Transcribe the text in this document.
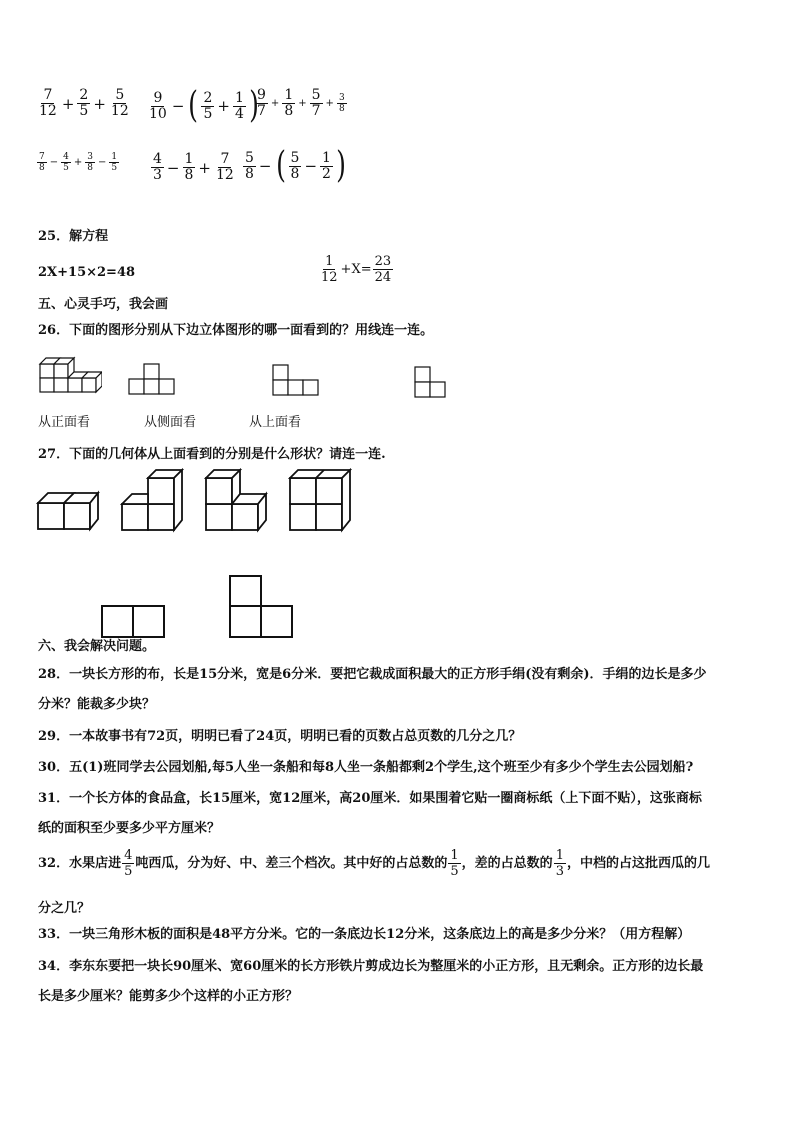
$\frac{7}{12} + \frac{2}{5} + \frac{5}{12} \frac{9}{10}$ − ( $\frac{2}{5} + \frac{1}{4}$ )
$\frac{9}{7} + \frac{1}{8} + \frac{5}{7} + \frac{3}{8}$
$\frac{7}{8} - \frac{4}{5} + \frac{3}{8} - \frac{1}{5} \frac{4}{3} - \frac{1}{8} + \frac{7}{12} \frac{5}{8}$ − ( $\frac{5}{8} - \frac{1}{2}$ )
25．解方程
2X+15×2=48	$\frac{1}{12} +X= \frac{23}{24}$
五、心灵手巧，我会画
26．下面的图形分别从下边立体图形的哪一面看到的？用线连一连。
从正面看	从侧面看	从上面看
27．下面的几何体从上面看到的分别是什么形状？请连一连.
六、我会解决问题。
28．一块长方形的布，长是15分米，宽是6分米．要把它裁成面积最大的正方形手绢(没有剩余)．手绢的边长是多少
分米？能裁多少块？
29．一本故事书有72页，明明已看了24页，明明已看的页数占总页数的几分之几？
30．五(1)班同学去公园划船,每5人坐一条船和每8人坐一条船都剩2个学生,这个班至少有多少个学生去公园划船?
31．一个长方体的食品盒，长15厘米，宽12厘米，高20厘米．如果围着它贴一圈商标纸（上下面不贴），这张商标
纸的面积至少要多少平方厘米？
32．水果店进 $\frac{4}{5}$ 吨西瓜，分为好、中、差三个档次。其中好的占总数的 $\frac{1}{5}$ ，差的占总数的 $\frac{1}{3}$ ，中档的占这批西瓜的几
分之几？
33．一块三角形木板的面积是48平方分米。它的一条底边长12分米，这条底边上的高是多少分米？（用方程解）
34．李东东要把一块长90厘米、宽60厘米的长方形铁片剪成边长为整厘米的小正方形，且无剩余。正方形的边长最
长是多少厘米？能剪多少个这样的小正方形？
